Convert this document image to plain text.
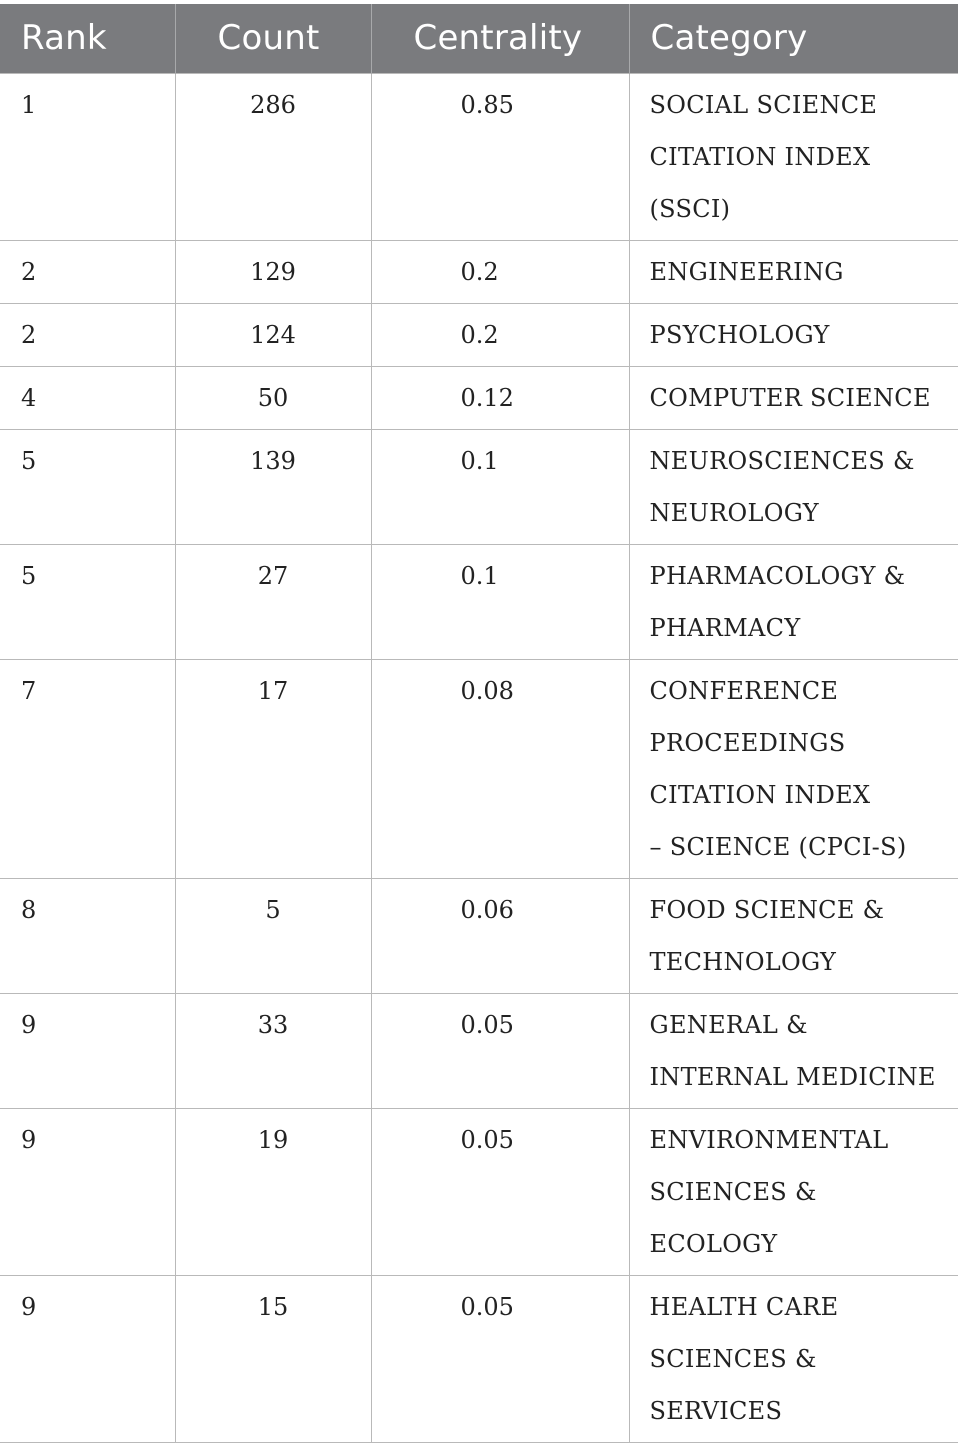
Rank	Count	Centrality	Category
1	286	0.85	SOCIAL SCIENCE
CITATION INDEX
(SSCI)

2	129	0.2	ENGINEERING

2	124	0.2	PSYCHOLOGY

4	50	0.12	COMPUTER SCIENCE

5	139	0.1	NEUROSCIENCES &
NEUROLOGY

5	27	0.1	PHARMACOLOGY &
PHARMACY

7	17	0.08	CONFERENCE
PROCEEDINGS
CITATION INDEX
– SCIENCE (CPCI-S)

8	5	0.06	FOOD SCIENCE &
TECHNOLOGY

9	33	0.05	GENERAL &
INTERNAL MEDICINE

9	19	0.05	ENVIRONMENTAL
SCIENCES &
ECOLOGY

9	15	0.05	HEALTH CARE
SCIENCES &
SERVICES
